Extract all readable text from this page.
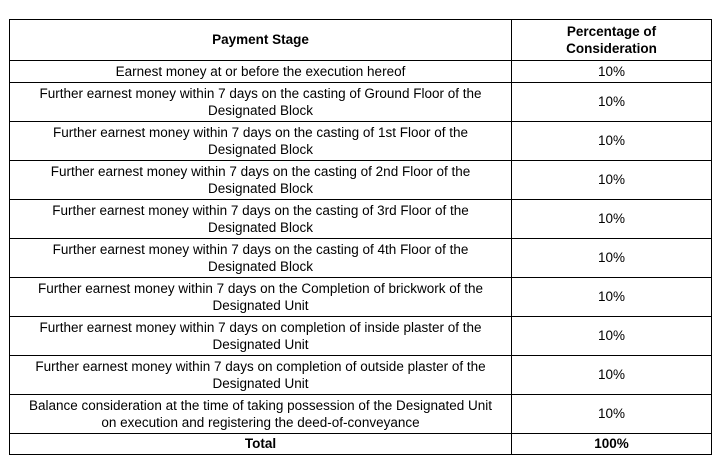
Payment Stage	Percentage of
Consideration
Earnest money at or before the execution hereof	10%
Further earnest money within 7 days on the casting of Ground Floor of the
Designated Block	10%
Further earnest money within 7 days on the casting of 1st Floor of the
Designated Block	10%
Further earnest money within 7 days on the casting of 2nd Floor of the
Designated Block	10%
Further earnest money within 7 days on the casting of 3rd Floor of the
Designated Block	10%
Further earnest money within 7 days on the casting of 4th Floor of the
Designated Block	10%
Further earnest money within 7 days on the Completion of brickwork of the
Designated Unit	10%
Further earnest money within 7 days on completion of inside plaster of the
Designated Unit	10%
Further earnest money within 7 days on completion of outside plaster of the
Designated Unit	10%
Balance consideration at the time of taking possession of the Designated Unit
on execution and registering the deed-of-conveyance	10%
Total	100%
